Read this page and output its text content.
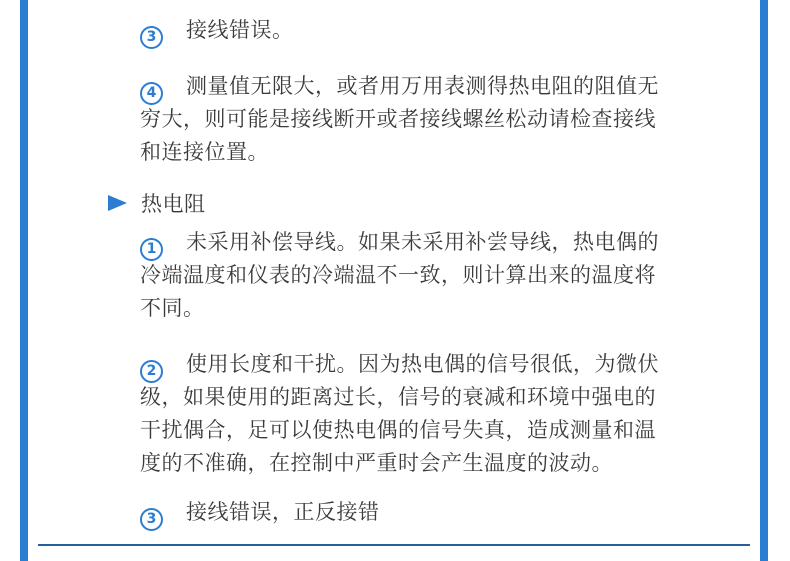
3 接线错误。
4 测量值无限大，或者用万用表测得热电阻的阻值无
穷大，则可能是接线断开或者接线螺丝松动请检查接线
和连接位置。
热电阻
1 未采用补偿导线。如果未采用补尝导线，热电偶的
冷端温度和仪表的冷端温不一致，则计算出来的温度将
不同。
2 使用长度和干扰。因为热电偶的信号很低，为微伏
级，如果使用的距离过长，信号的衰减和环境中强电的
干扰偶合，足可以使热电偶的信号失真，造成测量和温
度的不准确，在控制中严重时会产生温度的波动。
3 接线错误，正反接错
